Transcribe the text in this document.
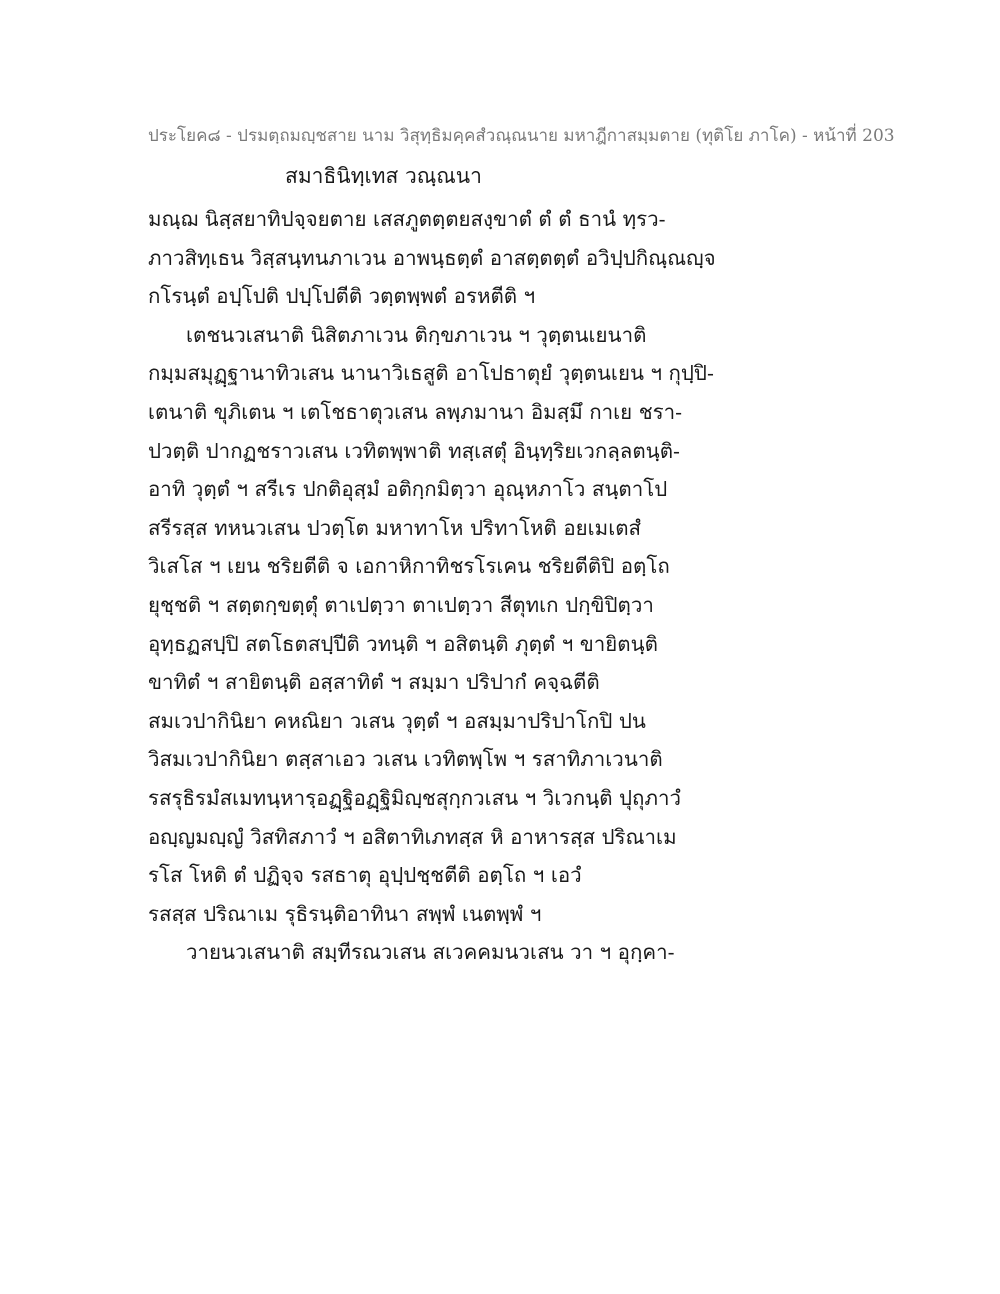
ประโยค๘ - ปรมตฺถมญฺชสาย นาม วิสุทฺธิมคฺคสํวณฺณนาย มหาฎีกาสมฺมตาย (ทุติโย ภาโค) - หน้าที่ 203
สมาธินิทฺเทส วณฺณนา
มณฺฌ นิสฺสยาทิปจฺจยตาย เสสภูตตฺตยสงฺขาตํ ตํ ตํ ธานํ ทฺรว-
ภาวสิทฺเธน วิสฺสนฺทนภาเวน อาพนฺธตฺตํ อาสตฺตตฺตํ อวิปฺปกิณฺณญฺจ
กโรนฺตํ อปฺโปติ ปปฺโปตีติ วตฺตพฺพตํ อรหตีติ ฯ
เตชนวเสนาติ นิสิตภาเวน ติกฺขภาเวน ฯ วุตฺตนเยนาติ
กมฺมสมุฏฺฐานาทิวเสน นานาวิเธสูติ อาโปธาตุยํ วุตฺตนเยน ฯ กุปฺปิ-
เตนาติ ขุภิเตน ฯ เตโชธาตุวเสน ลพฺภมานา อิมสฺมึ กาเย ชรา-
ปวตฺติ ปากฏชราวเสน เวทิตพฺพาติ ทสฺเสตุํ อินฺทฺริยเวกลฺลตนฺติ-
อาทิ วุตฺตํ ฯ สรีเร ปกติอุสฺมํ อติกฺกมิตฺวา อุณฺหภาโว สนฺตาโป
สรีรสฺส ทหนวเสน ปวตฺโต มหาทาโห ปริทาโหติ อยเมเตสํ
วิเสโส ฯ เยน ชริยตีติ จ เอกาหิกาทิชรโรเคน ชริยตีติปิ อตฺโถ
ยุชฺชติ ฯ สตฺตกฺขตฺตุํ ตาเปตฺวา ตาเปตฺวา สีตุทเก ปกฺขิปิตฺวา
อุทฺธฏสปฺปิ สตโธตสปฺปีติ วทนฺติ ฯ อสิตนฺติ ภุตฺตํ ฯ ขายิตนฺติ
ขาทิตํ ฯ สายิตนฺติ อสฺสาทิตํ ฯ สมฺมา ปริปากํ คจฺฉตีติ
สมเวปากินิยา คหณิยา วเสน วุตฺตํ ฯ อสมฺมาปริปาโกปิ ปน
วิสมเวปากินิยา ตสฺสาเอว วเสน เวทิตพฺโพ ฯ รสาทิภาเวนาติ
รสรุธิรมํสเมทนฺหารฺอฏฺฐิอฏฺฐิมิญฺชสุกฺกวเสน ฯ วิเวกนฺติ ปุถุภาวํ
อญฺญมญฺญํ วิสทิสภาวํ ฯ อสิตาทิเภทสฺส หิ อาหารสฺส ปริณาเม
รโส โหติ ตํ ปฏิจฺจ รสธาตุ อุปฺปชฺชตีติ อตฺโถ ฯ เอวํ
รสสฺส ปริณาเม รุธิรนฺติอาทินา สพฺพํ เนตพฺพํ ฯ
วายนวเสนาติ สมฺทีรณวเสน สเวคคมนวเสน วา ฯ อุกฺคา-
